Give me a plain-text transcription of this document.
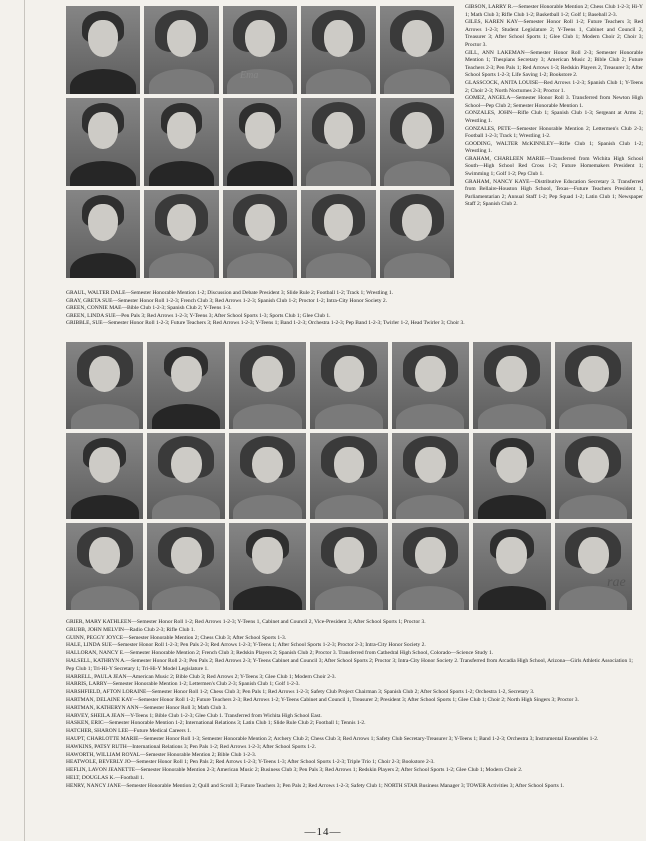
Ema

GIBSON, LARRY R.—Semester Honorable Mention 2; Chess Club 1-2-3; Hi-Y 1; Math Club 3; Rifle Club 1-2; Basketball 1-2; Golf 1; Baseball 2-3.

GILES, KAREN KAY—Semester Honor Roll 1-2; Future Teachers 3; Red Arrows 1-2-3; Student Legislature 2; Y-Teens 1, Cabinet and Council 2, Treasurer 3; After School Sports 1; Glee Club 1; Modern Choir 2; Choir 3; Proctor 3.

GILL, ANN LAKEMAN—Semester Honor Roll 2-3; Semester Honorable Mention 1; Thespians Secretary 3; American Music 2; Bible Club 2; Future Teachers 2-3; Pen Pals 1; Red Arrows 1-3; Redskin Players 2, Treasurer 3; After School Sports 1-2-3; Life Saving 1-2; Bookstore 2.

GLASSCOCK, ANITA LOUISE—Red Arrows 1-2-3; Spanish Club 1; Y-Teens 2; Choir 2-3; North Nocturnes 2-3; Proctor 1.

GOMEZ, ANGELA—Semester Honor Roll 3. Transferred from Newton High School—Pep Club 2; Semester Honorable Mention 1.

GONZALES, JOHN—Rifle Club 1; Spanish Club 1-3; Sergeant at Arms 2; Wrestling 1.

GONZALES, PETE—Semester Honorable Mention 2; Lettermen's Club 2-3; Football 1-2-3; Track 1; Wrestling 1-2.

GOODING, WALTER McKINNLEY—Rifle Club 1; Spanish Club 1-2; Wrestling 1.

GRAHAM, CHARLEEN MARIE—Transferred from Wichita High School South—High School Red Cross 1-2; Future Homemakers President 1; Swimming 1; Golf 1-2; Pep Club 1.

GRAHAM, NANCY KAYE—Distributive Education Secretary 3. Transferred from Bellaire-Houston High School, Texas—Future Teachers President 1, Parliamentarian 2; Annual Staff 1-2; Pep Squad 1-2; Latin Club 1; Newspaper Staff 2; Spanish Club 2.

GRAUL, WALTER DALE—Semester Honorable Mention 1-2; Discussion and Debate President 3; Slide Rule 2; Football 1-2; Track 1; Wrestling 1.

GRAY, GRETA SUE—Semester Honor Roll 1-2-3; French Club 3; Red Arrows 1-2-3; Spanish Club 1-2; Proctor 1-2; Intra-City Honor Society 2.

GREEN, CONNIE MAE—Bible Club 1-2-3; Spanish Club 2; Y-Teens 1-3.

GREEN, LINDA SUE—Pen Pals 3; Red Arrows 1-2-3; Y-Teens 3; After School Sports 1-3; Sports Club 1; Glee Club 1.

GRIBBLE, SUE—Semester Honor Roll 1-2-3; Future Teachers 3; Red Arrows 1-2-3; Y-Teens 1; Band 1-2-3; Orchestra 1-2-3; Pep Band 1-2-3; Twirler 1-2, Head Twirler 3; Choir 3.

rae

GRIER, MARY KATHLEEN—Semester Honor Roll 1-2; Red Arrows 1-2-3; Y-Teens 1, Cabinet and Council 2, Vice-President 3; After School Sports 1; Proctor 3.

GRUBB, JOHN MELVIN—Radio Club 2-3; Rifle Club 1.

GUINN, PEGGY JOYCE—Semester Honorable Mention 2; Chess Club 3; After School Sports 1-3.

HALE, LINDA SUE—Semester Honor Roll 1-2-3; Pen Pals 2-3; Red Arrows 1-2-3; Y-Teens 1; After School Sports 1-2-3; Proctor 2-3; Intra-City Honor Society 2.

HALLORAN, NANCY E.—Semester Honorable Mention 2; French Club 3; Redskin Players 2; Spanish Club 2; Proctor 3. Transferred from Cathedral High School, Colorado—Science Study 1.

HALSELL, KATHRYN A.—Semester Honor Roll 2-3; Pen Pals 2; Red Arrows 2-3; Y-Teens Cabinet and Council 3; After School Sports 2; Proctor 3; Intra-City Honor Society 2. Transferred from Arcadia High School, Arizona—Girls Athletic Association 1; Pep Club 1; Tri-Hi-Y Secretary 1; Tri-Hi-Y Model Legislature 1.

HARRELL, PAULA JEAN—American Music 2; Bible Club 3; Red Arrows 2; Y-Teens 3; Glee Club 1; Modern Choir 2-3.

HARRIS, LARRY—Semester Honorable Mention 1-2; Lettermen's Club 2-3; Spanish Club 1; Golf 1-2-3.

HARSHFIELD, AFTON LORAINE—Semester Honor Roll 1-2; Chess Club 3; Pen Pals 1; Red Arrows 1-2-3; Safety Club Project Chairman 3; Spanish Club 2; After School Sports 1-2; Orchestra 1-2, Secretary 3.

HARTMAN, DELAINE KAY—Semester Honor Roll 1-2; Future Teachers 2-3; Red Arrows 1-2; Y-Teens Cabinet and Council 1, Treasurer 2; President 3; After School Sports 1; Glee Club 1; Choir 2; North High Singers 3; Proctor 3.

HARTMAN, KATHERYN ANN—Semester Honor Roll 3; Math Club 3.

HARVEY, SHEILA JEAN—Y-Teens 1; Bible Club 1-2-3; Glee Club 1. Transferred from Wichita High School East.

HASKEN, ERIC—Semester Honorable Mention 1-2; International Relations 3; Latin Club 1; Slide Rule Club 2; Football 1; Tennis 1-2.

HATCHER, SHARON LEE—Future Medical Careers 1.

HAUPT, CHARLOTTE MARIE—Semester Honor Roll 1-3; Semester Honorable Mention 2; Archery Club 2; Chess Club 3; Red Arrows 1; Safety Club Secretary-Treasurer 3; Y-Teens 1; Band 1-2-3; Orchestra 3; Instrumental Ensembles 1-2.

HAWKINS, PATSY RUTH—International Relations 3; Pen Pals 1-2; Red Arrows 1-2-3; After School Sports 1-2.

HAWORTH, WILLIAM ROYAL—Semester Honorable Mention 2; Bible Club 1-2-3.

HEATWOLE, BEVERLY JO—Semester Honor Roll 1; Pen Pals 2; Red Arrows 1-2-3; Y-Teens 1-3; After School Sports 1-2-3; Triple Trio 1; Choir 2-3; Bookstore 2-3.

HEFLIN, LAVON JEANETTE—Semester Honorable Mention 2-3; American Music 2; Business Club 3; Pen Pals 3; Red Arrows 1; Redskin Players 2; After School Sports 1-2; Glee Club 1; Modern Choir 2.

HELT, DOUGLAS K.—Football 1.

HENRY, NANCY JANE—Semester Honorable Mention 2; Quill and Scroll 3; Future Teachers 3; Pen Pals 2; Red Arrows 1-2-3; Safety Club 1; NORTH STAR Business Manager 3; TOWER Activities 3; After School Sports 1.

—14—
